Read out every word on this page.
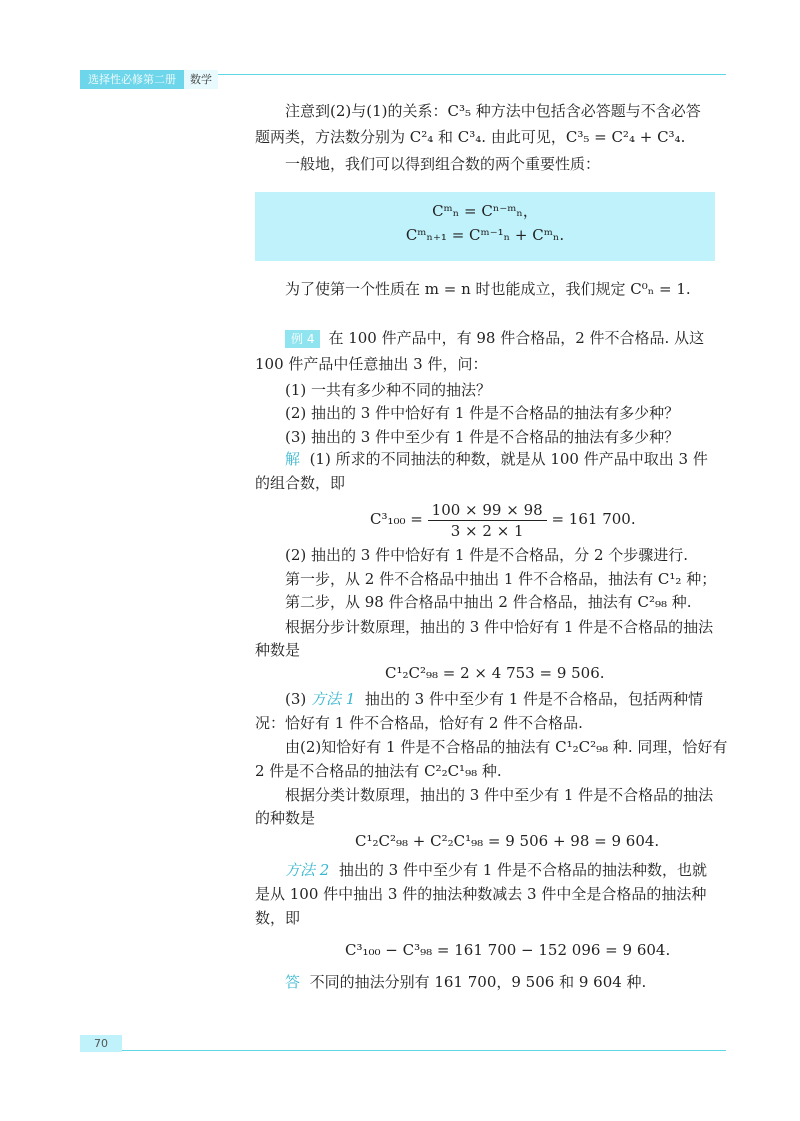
选择性必修第二册	数学
注意到(2)与(1)的关系：C³₅ 种方法中包括含必答题与不含必答
题两类，方法数分别为 C²₄ 和 C³₄. 由此可见，C³₅ = C²₄ + C³₄.
一般地，我们可以得到组合数的两个重要性质：
Cᵐₙ = Cⁿ⁻ᵐₙ，
Cᵐₙ₊₁ = Cᵐ⁻¹ₙ + Cᵐₙ.
为了使第一个性质在 m = n 时也能成立，我们规定 C⁰ₙ = 1.
例 4 在 100 件产品中，有 98 件合格品，2 件不合格品. 从这
100 件产品中任意抽出 3 件，问：
(1) 一共有多少种不同的抽法？
(2) 抽出的 3 件中恰好有 1 件是不合格品的抽法有多少种？
(3) 抽出的 3 件中至少有 1 件是不合格品的抽法有多少种？
解 (1) 所求的不同抽法的种数，就是从 100 件产品中取出 3 件
的组合数，即
$C^3_{100} = \frac{100 \times 99 \times 98}{3 \times 2 \times 1} = 161$ 700.
(2) 抽出的 3 件中恰好有 1 件是不合格品，分 2 个步骤进行.
第一步，从 2 件不合格品中抽出 1 件不合格品，抽法有 C¹₂ 种；
第二步，从 98 件合格品中抽出 2 件合格品，抽法有 C²₉₈ 种.
根据分步计数原理，抽出的 3 件中恰好有 1 件是不合格品的抽法
种数是
C¹₂C²₉₈ = 2 × 4 753 = 9 506.
(3) 方法 1 抽出的 3 件中至少有 1 件是不合格品，包括两种情
况：恰好有 1 件不合格品，恰好有 2 件不合格品.
由(2)知恰好有 1 件是不合格品的抽法有 C¹₂C²₉₈ 种. 同理，恰好有
2 件是不合格品的抽法有 C²₂C¹₉₈ 种.
根据分类计数原理，抽出的 3 件中至少有 1 件是不合格品的抽法
的种数是
C¹₂C²₉₈ + C²₂C¹₉₈ = 9 506 + 98 = 9 604.
方法 2 抽出的 3 件中至少有 1 件是不合格品的抽法种数，也就
是从 100 件中抽出 3 件的抽法种数减去 3 件中全是合格品的抽法种
数，即
C³₁₀₀ − C³₉₈ = 161 700 − 152 096 = 9 604.
答 不同的抽法分别有 161 700，9 506 和 9 604 种.
70
